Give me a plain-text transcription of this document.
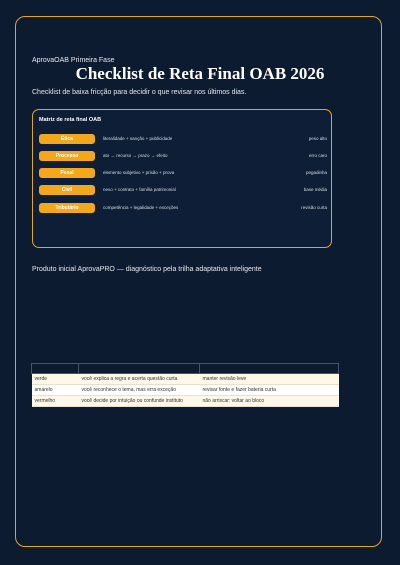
AprovaOAB Primeira Fase
Checklist de Reta Final OAB 2026
Checklist de baixa fricção para decidir o que revisar nos últimos dias.
Matriz de reta final OAB
Ética	literalidade + sanção + publicidade	peso alto
Processo	ato → recurso → prazo → efeito	erro caro
Penal	elemento subjetivo + prisão + prova	pegadinha
Civil	nexo + contrato + família patrimonial	base média
Tributário	competência + legalidade + exceções	revisão curta
Produto inicial AprovaPRO — diagnóstico pela trilha adaptativa inteligente

verde	você explica a regra e acerta questão curta	manter revisão leve
amarelo	você reconhece o tema, mas erra exceção	revisar fonte e fazer bateria curta
vermelho	você decide por intuição ou confunde instituto	não arriscar: voltar ao bloco
